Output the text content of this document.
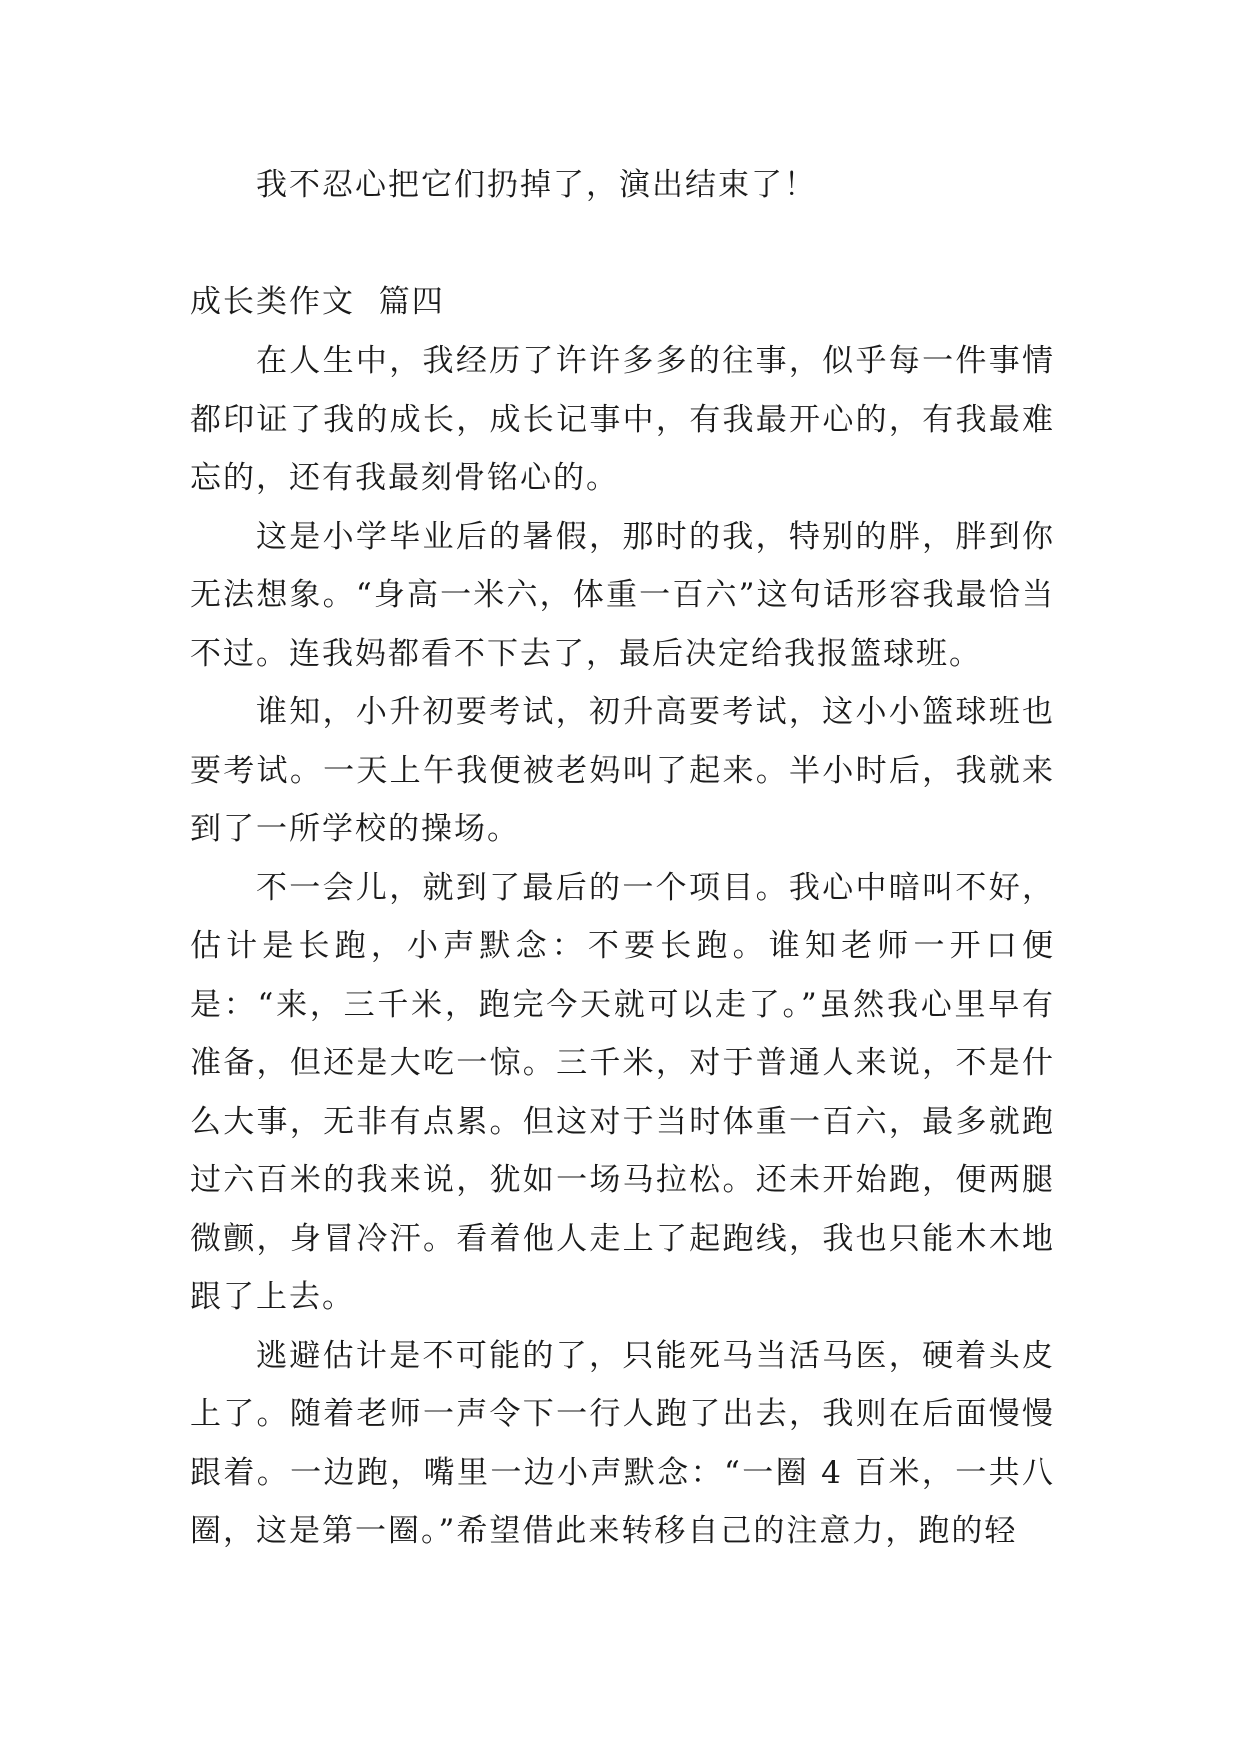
我不忍心把它们扔掉了，演出结束了！

成长类作文  篇四

在人生中，我经历了许许多多的往事，似乎每一件事情都印证了我的成长，成长记事中，有我最开心的，有我最难忘的，还有我最刻骨铭心的。

这是小学毕业后的暑假，那时的我，特别的胖，胖到你无法想象。“身高一米六，体重一百六”这句话形容我最恰当不过。连我妈都看不下去了，最后决定给我报篮球班。

谁知，小升初要考试，初升高要考试，这小小篮球班也要考试。一天上午我便被老妈叫了起来。半小时后，我就来到了一所学校的操场。

不一会儿，就到了最后的一个项目。我心中暗叫不好，估计是长跑，小声默念：不要长跑。谁知老师一开口便是：“来，三千米，跑完今天就可以走了。”虽然我心里早有准备，但还是大吃一惊。三千米，对于普通人来说，不是什么大事，无非有点累。但这对于当时体重一百六，最多就跑过六百米的我来说，犹如一场马拉松。还未开始跑，便两腿微颤，身冒冷汗。看着他人走上了起跑线，我也只能木木地跟了上去。

逃避估计是不可能的了，只能死马当活马医，硬着头皮上了。随着老师一声令下一行人跑了出去，我则在后面慢慢跟着。一边跑，嘴里一边小声默念：“一圈 4 百米，一共八圈，这是第一圈。”希望借此来转移自己的注意力，跑的轻
